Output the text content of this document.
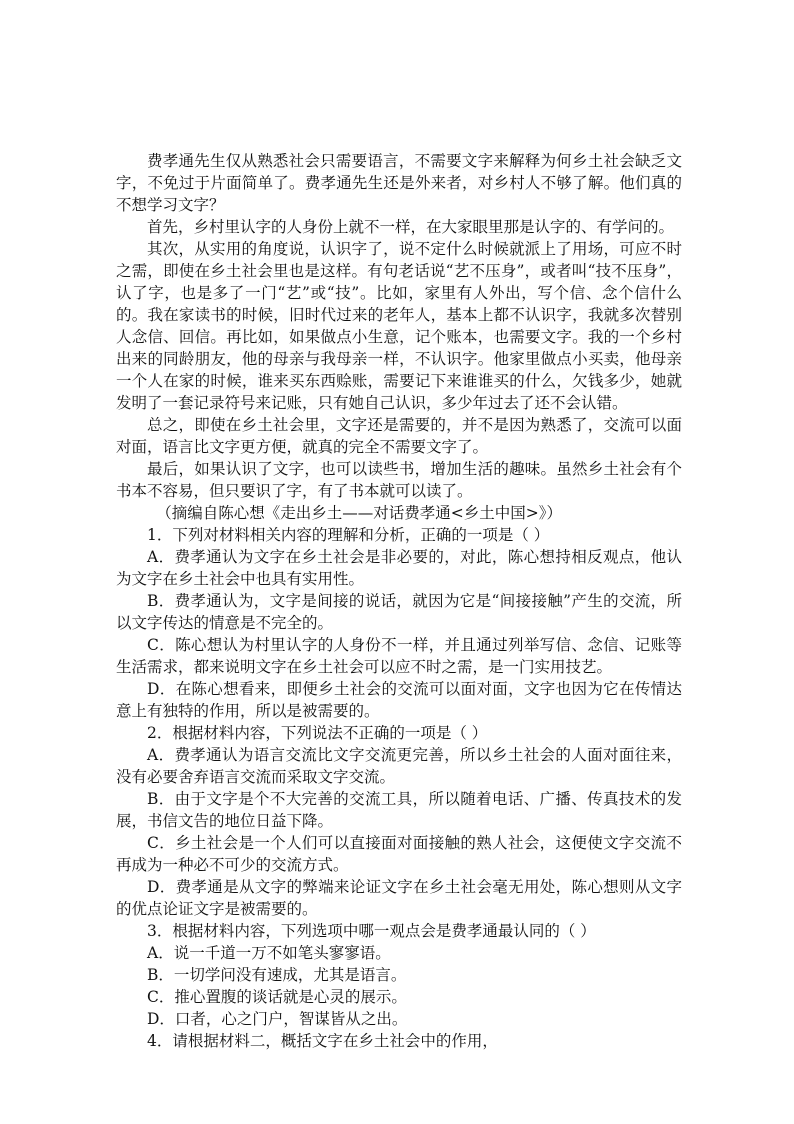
费孝通先生仅从熟悉社会只需要语言，不需要文字来解释为何乡土社会缺乏文字，不免过于片面简单了。费孝通先生还是外来者，对乡村人不够了解。他们真的不想学习文字？

首先，乡村里认字的人身份上就不一样，在大家眼里那是认字的、有学问的。

其次，从实用的角度说，认识字了，说不定什么时候就派上了用场，可应不时之需，即使在乡土社会里也是这样。有句老话说“艺不压身”，或者叫“技不压身”，认了字，也是多了一门“艺”或“技”。比如，家里有人外出，写个信、念个信什么的。我在家读书的时候，旧时代过来的老年人，基本上都不认识字，我就多次替别人念信、回信。再比如，如果做点小生意，记个账本，也需要文字。我的一个乡村出来的同龄朋友，他的母亲与我母亲一样，不认识字。他家里做点小买卖，他母亲一个人在家的时候，谁来买东西赊账，需要记下来谁谁买的什么，欠钱多少，她就发明了一套记录符号来记账，只有她自己认识，多少年过去了还不会认错。

总之，即使在乡土社会里，文字还是需要的，并不是因为熟悉了，交流可以面对面，语言比文字更方便，就真的完全不需要文字了。

最后，如果认识了文字，也可以读些书，增加生活的趣味。虽然乡土社会有个书本不容易，但只要识了字，有了书本就可以读了。

（摘编自陈心想《走出乡土——对话费孝通<乡土中国>》）

1．下列对材料相关内容的理解和分析，正确的一项是（ ）

A．费孝通认为文字在乡土社会是非必要的，对此，陈心想持相反观点，他认为文字在乡土社会中也具有实用性。

B．费孝通认为，文字是间接的说话，就因为它是“间接接触”产生的交流，所以文字传达的情意是不完全的。

C．陈心想认为村里认字的人身份不一样，并且通过列举写信、念信、记账等生活需求，都来说明文字在乡土社会可以应不时之需，是一门实用技艺。

D．在陈心想看来，即便乡土社会的交流可以面对面，文字也因为它在传情达意上有独特的作用，所以是被需要的。

2．根据材料内容，下列说法不正确的一项是（ ）

A．费孝通认为语言交流比文字交流更完善，所以乡土社会的人面对面往来，没有必要舍弃语言交流而采取文字交流。

B．由于文字是个不大完善的交流工具，所以随着电话、广播、传真技术的发展，书信文告的地位日益下降。

C．乡土社会是一个人们可以直接面对面接触的熟人社会，这便使文字交流不再成为一种必不可少的交流方式。

D．费孝通是从文字的弊端来论证文字在乡土社会毫无用处，陈心想则从文字的优点论证文字是被需要的。

3．根据材料内容，下列选项中哪一观点会是费孝通最认同的（ ）

A．说一千道一万不如笔头寥寥语。

B．一切学问没有速成，尤其是语言。

C．推心置腹的谈话就是心灵的展示。

D．口者，心之门户，智谋皆从之出。

4．请根据材料二，概括文字在乡土社会中的作用，
